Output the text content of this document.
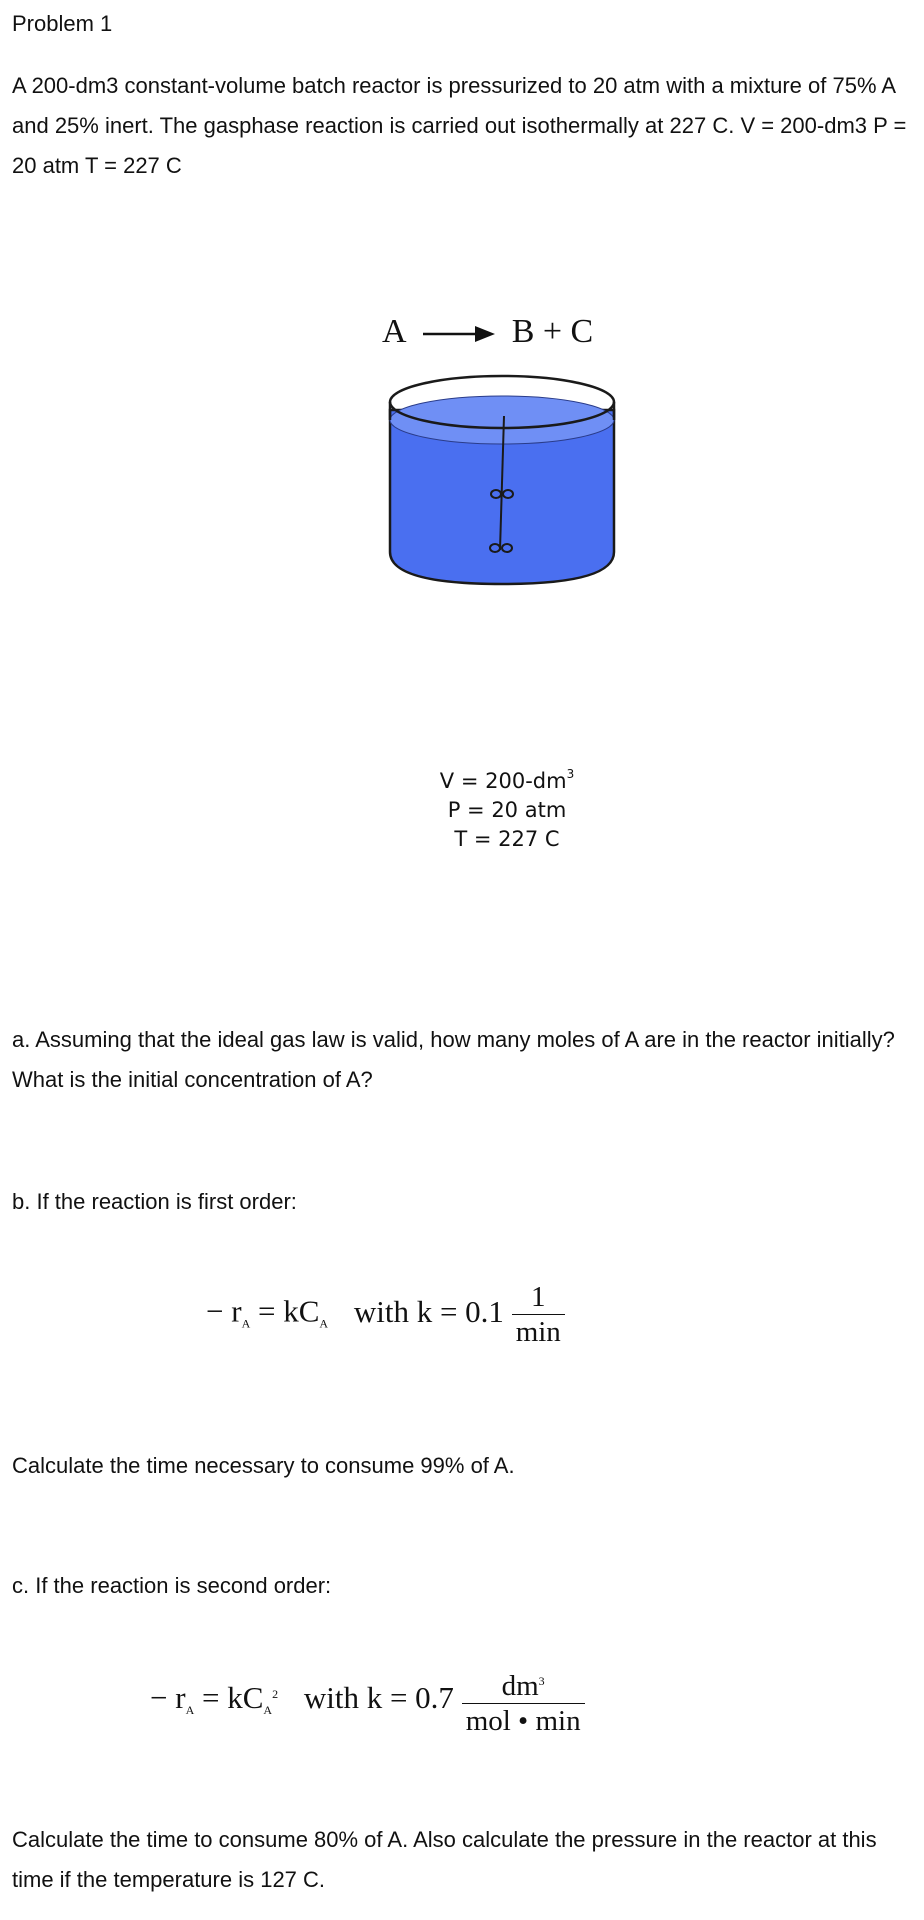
Problem 1
A 200-dm3 constant-volume batch reactor is pressurized to 20 atm with a mixture of 75% A and 25% inert. The gasphase reaction is carried out isothermally at 227 C. V = 200-dm3 P = 20 atm T = 227 C
A → B + C
$V = 200-dm^3$
P = 20 atm
T = 227 C
a. Assuming that the ideal gas law is valid, how many moles of A are in the reactor initially? What is the initial concentration of A?
b. If the reaction is first order:
− $r_A = kC_A$ with $k = 0.1 \frac{1}{\min}$
Calculate the time necessary to consume 99% of A.
c. If the reaction is second order:
− $r_A = kC_A^2$ with $k = 0.7 \frac{dm^3}{\text{mol • min}}$
Calculate the time to consume 80% of A. Also calculate the pressure in the reactor at this time if the temperature is 127 C.
